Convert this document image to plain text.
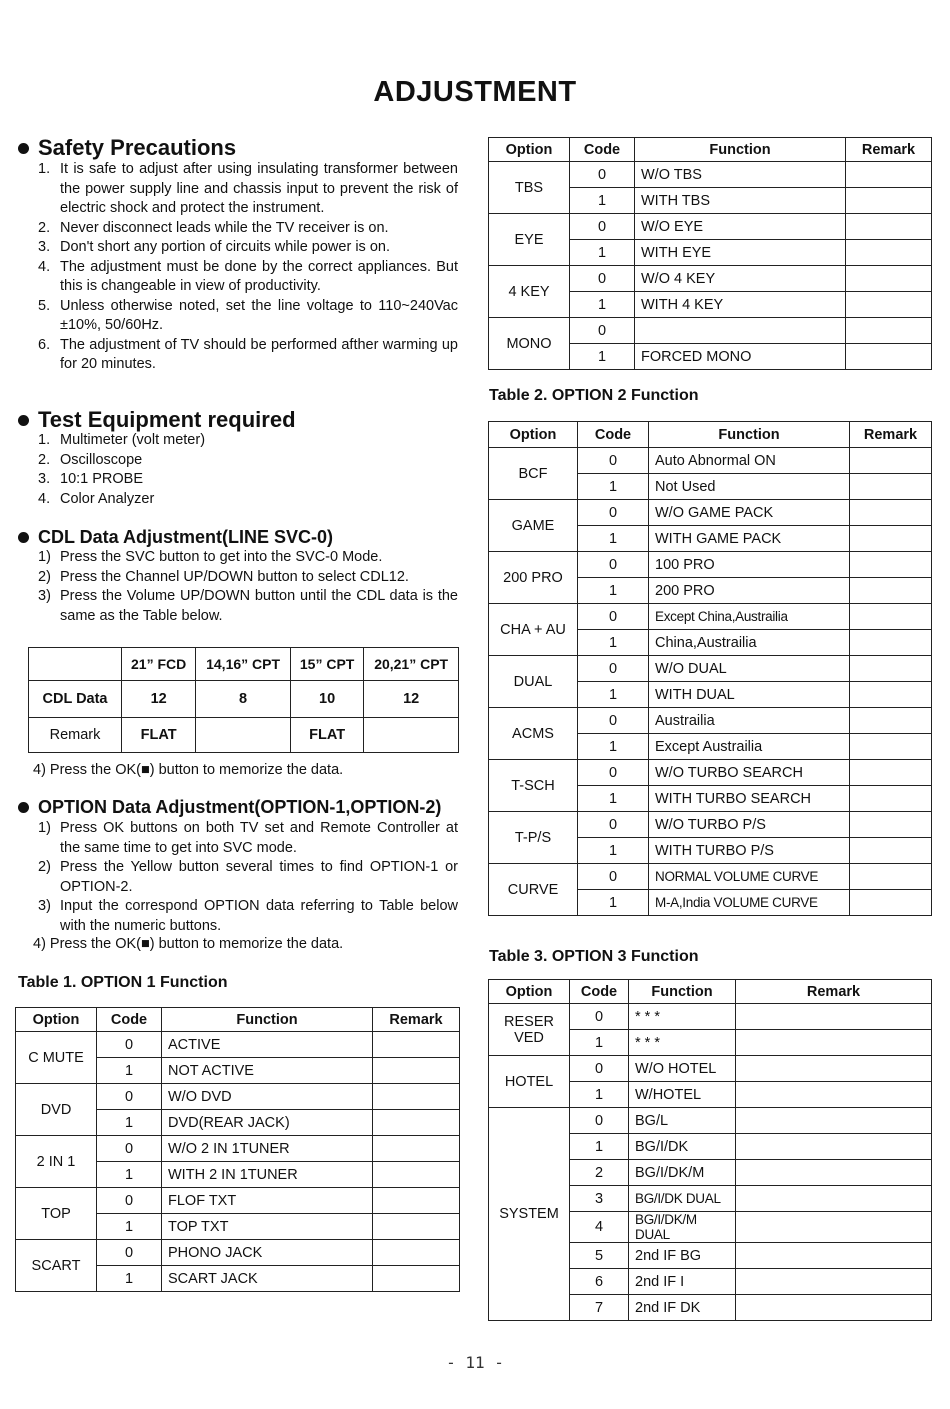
ADJUSTMENT
Safety Precautions
1. It is safe to adjust after using insulating transformer between the power supply line and chassis input to prevent the risk of electric shock and protect the instrument.
2. Never disconnect leads while the TV receiver is on.
3. Don't short any portion of circuits while power is on.
4. The adjustment must be done by the correct appliances. But this is changeable in view of productivity.
5. Unless otherwise noted, set the line voltage to 110~240Vac ±10%, 50/60Hz.
6. The adjustment of TV should be performed afther warming up for 20 minutes.
Test Equipment required
1. Multimeter (volt meter)
2. Oscilloscope
3. 10:1 PROBE
4. Color Analyzer
CDL Data Adjustment(LINE SVC-0)
1) Press the SVC button to get into the SVC-0 Mode.
2) Press the Channel UP/DOWN button to select CDL12.
3) Press the Volume UP/DOWN button until the CDL data is the same as the Table below.
	21” FCD	14,16” CPT	15” CPT	20,21” CPT
CDL Data	12	8	10	12
Remark	FLAT		FLAT	
4) Press the OK(■) button to memorize the data.
OPTION Data Adjustment(OPTION-1,OPTION-2)
1) Press OK buttons on both TV set and Remote Controller at the same time to get into SVC mode.
2) Press the Yellow button several times to find OPTION-1 or OPTION-2.
3) Input the correspond OPTION data referring to Table below with the numeric buttons.
4) Press the OK(■) button to memorize the data.
Table 1. OPTION 1 Function
Option	Code	Function	Remark
C MUTE	0	ACTIVE	
	1	NOT ACTIVE	
DVD	0	W/O DVD	
	1	DVD(REAR JACK)	
2 IN 1	0	W/O 2 IN 1TUNER	
	1	WITH 2 IN 1TUNER	
TOP	0	FLOF TXT	
	1	TOP TXT	
SCART	0	PHONO JACK	
	1	SCART JACK	
Option	Code	Function	Remark
TBS	0	W/O TBS	
	1	WITH TBS	
EYE	0	W/O EYE	
	1	WITH EYE	
4 KEY	0	W/O 4 KEY	
	1	WITH 4 KEY	
MONO	0		
	1	FORCED MONO	
Table 2. OPTION 2 Function
Option	Code	Function	Remark
BCF	0	Auto Abnormal ON	
	1	Not Used	
GAME	0	W/O GAME PACK	
	1	WITH GAME PACK	
200 PRO	0	100 PRO	
	1	200 PRO	
CHA + AU	0	Except China,Austrailia	
	1	China,Austrailia	
DUAL	0	W/O DUAL	
	1	WITH DUAL	
ACMS	0	Austrailia	
	1	Except Austrailia	
T-SCH	0	W/O TURBO SEARCH	
	1	WITH TURBO SEARCH	
T-P/S	0	W/O TURBO P/S	
	1	WITH TURBO P/S	
CURVE	0	NORMAL VOLUME CURVE	
	1	M-A,India VOLUME CURVE	
Table 3. OPTION 3 Function
Option	Code	Function	Remark
RESER VED	0	* * *	
	1	* * *	
HOTEL	0	W/O HOTEL	
	1	W/HOTEL	
SYSTEM	0	BG/L	
	1	BG/I/DK	
	2	BG/I/DK/M	
	3	BG/I/DK DUAL	
	4	BG/I/DK/M DUAL	
	5	2nd IF BG	
	6	2nd IF I	
	7	2nd IF DK	
- 11 -
